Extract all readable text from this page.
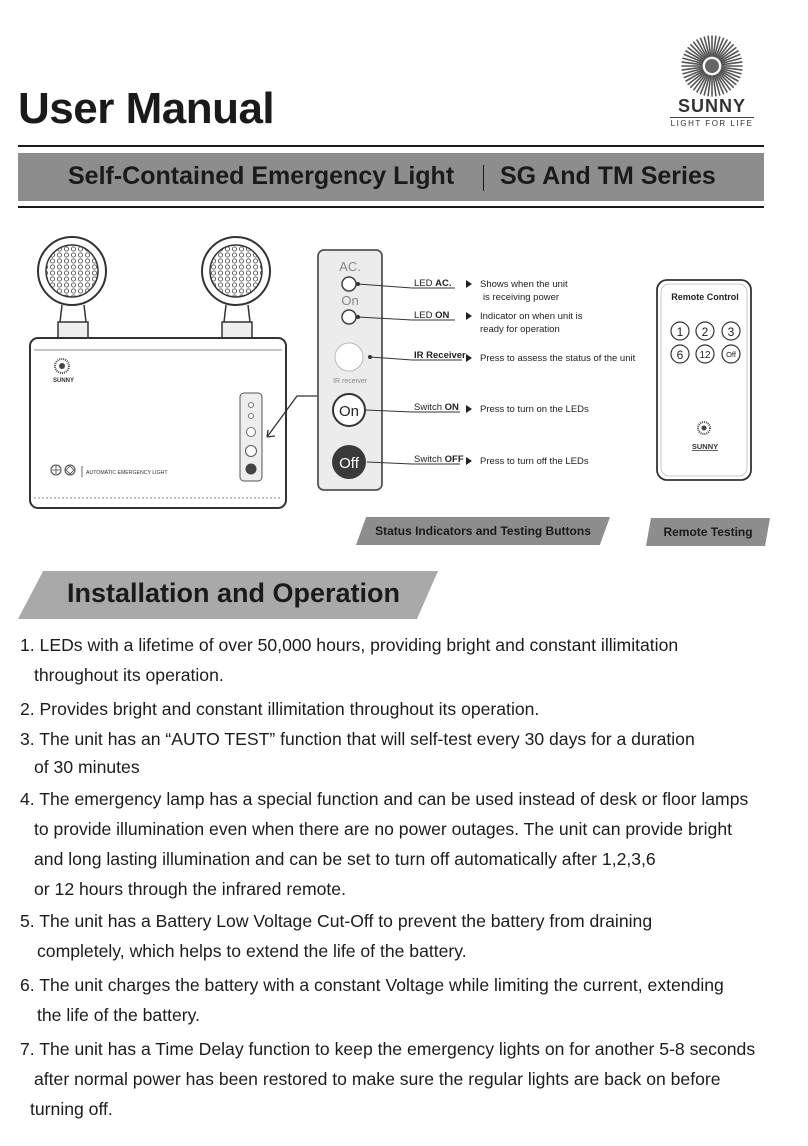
User Manual	SUNNY
LIGHT FOR LIFE
Self-Contained Emergency Light SG And TM Series
SUNNY
AUTOMATIC EMERGENCY LIGHT
AC.
On
IR receiver
On
Off
LED AC.	Shows when the unit
is receiving power
LED ON	Indicator on when unit is
ready for operation
IR Receiver Press to assess the status of the unit
Switch ON Press to turn on the LEDs
Switch OFF Press to turn off the LEDs
Remote Control
1 2 3
6 12 Off
SUNNY
Status Indicators and Testing Buttons	Remote Testing
Installation and Operation

1. LEDs with a lifetime of over 50,000 hours, providing bright and constant illimitation
throughout its operation.

2. Provides bright and constant illimitation throughout its operation.

3. The unit has an “AUTO TEST” function that will self-test every 30 days for a duration
of 30 minutes

4. The emergency lamp has a special function and can be used instead of desk or floor lamps
to provide illumination even when there are no power outages. The unit can provide bright
and long lasting illumination and can be set to turn off automatically after 1,2,3,6
or 12 hours through the infrared remote.

5. The unit has a Battery Low Voltage Cut-Off to prevent the battery from draining
completely, which helps to extend the life of the battery.

6. The unit charges the battery with a constant Voltage while limiting the current, extending
the life of the battery.

7. The unit has a Time Delay function to keep the emergency lights on for another 5-8 seconds
after normal power has been restored to make sure the regular lights are back on before
turning off.
